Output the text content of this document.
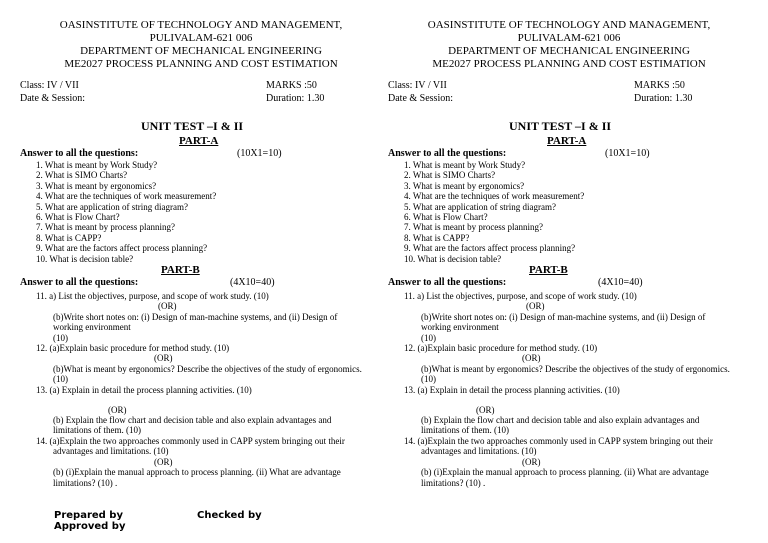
OASINSTITUTE OF TECHNOLOGY AND MANAGEMENT,
PULIVALAM-621 006
DEPARTMENT OF MECHANICAL ENGINEERING
ME2027 PROCESS PLANNING AND COST ESTIMATION
Class: IV / VII	MARKS :50
Date & Session:	Duration: 1.30
UNIT TEST –I & II
PART-A
Answer to all the questions:	(10X1=10)
1. What is meant by Work Study?
2. What is SIMO Charts?
3. What is meant by ergonomics?
4. What are the techniques of work measurement?
5. What are application of string diagram?
6. What is Flow Chart?
7. What is meant by process planning?
8. What is CAPP?
9. What are the factors affect process planning?
10. What is decision table?
PART-B
Answer to all the questions:	(4X10=40)
11. a) List the objectives, purpose, and scope of work study. (10)
(OR)
(b)Write short notes on: (i) Design of man-machine systems, and (ii) Design of
working environment
(10)
12. (a)Explain basic procedure for method study. (10)
(OR)
(b)What is meant by ergonomics? Describe the objectives of the study of ergonomics.
(10)
13. (a) Explain in detail the process planning activities. (10)
(OR)
(b) Explain the flow chart and decision table and also explain advantages and
limitations of them. (10)
14. (a)Explain the two approaches commonly used in CAPP system bringing out their
advantages and limitations. (10)
(OR)
(b) (i)Explain the manual approach to process planning. (ii) What are advantage
limitations? (10) .
OASINSTITUTE OF TECHNOLOGY AND MANAGEMENT,
PULIVALAM-621 006
DEPARTMENT OF MECHANICAL ENGINEERING
ME2027 PROCESS PLANNING AND COST ESTIMATION
Class: IV / VII	MARKS :50
Date & Session:	Duration: 1.30
UNIT TEST –I & II
PART-A
Answer to all the questions:	(10X1=10)
1. What is meant by Work Study?
2. What is SIMO Charts?
3. What is meant by ergonomics?
4. What are the techniques of work measurement?
5. What are application of string diagram?
6. What is Flow Chart?
7. What is meant by process planning?
8. What is CAPP?
9. What are the factors affect process planning?
10. What is decision table?
PART-B
Answer to all the questions:	(4X10=40)
11. a) List the objectives, purpose, and scope of work study. (10)
(OR)
(b)Write short notes on: (i) Design of man-machine systems, and (ii) Design of
working environment
(10)
12. (a)Explain basic procedure for method study. (10)
(OR)
(b)What is meant by ergonomics? Describe the objectives of the study of ergonomics.
(10)
13. (a) Explain in detail the process planning activities. (10)
(OR)
(b) Explain the flow chart and decision table and also explain advantages and
limitations of them. (10)
14. (a)Explain the two approaches commonly used in CAPP system bringing out their
advantages and limitations. (10)
(OR)
(b) (i)Explain the manual approach to process planning. (ii) What are advantage
limitations? (10) .
Prepared by	Checked by
Approved by
